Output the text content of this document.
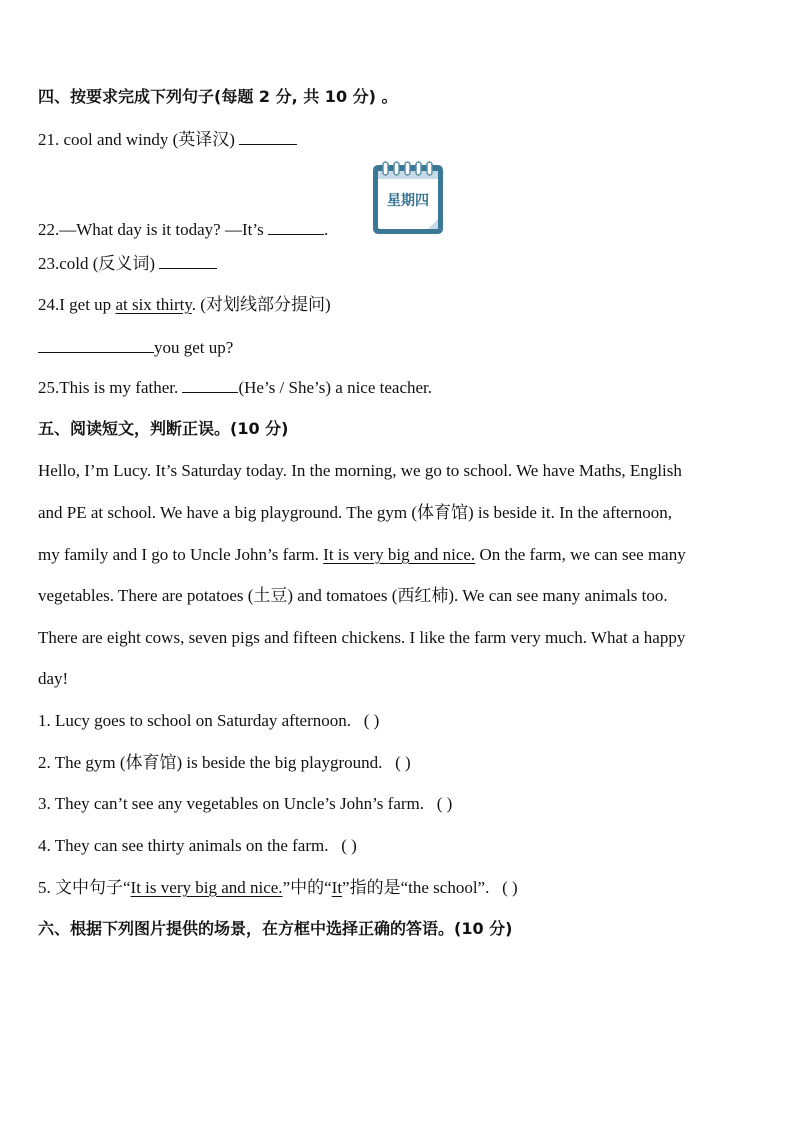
四、按要求完成下列句子(每题 2 分, 共 10 分) 。
21. cool and windy (英译汉)
星期四
22.—What day is it today? —It’s	.
23.cold (反义词)
24.I get up at six thirty. (对划线部分提问)
you get up?
25.This is my father.	(He’s / She’s) a nice teacher.
五、阅读短文，判断正误。(10 分)
Hello, I’m Lucy. It’s Saturday today. In the morning, we go to school. We have Maths, English
and PE at school. We have a big playground. The gym (体育馆) is beside it. In the afternoon,
my family and I go to Uncle John’s farm. It is very big and nice. On the farm, we can see many
vegetables. There are potatoes (土豆) and tomatoes (西红柿). We can see many animals too.
There are eight cows, seven pigs and fifteen chickens. I like the farm very much. What a happy
day!
1. Lucy goes to school on Saturday afternoon. ( )
2. The gym (体育馆) is beside the big playground. ( )
3. They can’t see any vegetables on Uncle’s John’s farm. ( )
4. They can see thirty animals on the farm. ( )
5. 文中句子“It is very big and nice.”中的“It”指的是“the school”. ( )
六、根据下列图片提供的场景，在方框中选择正确的答语。(10 分)
